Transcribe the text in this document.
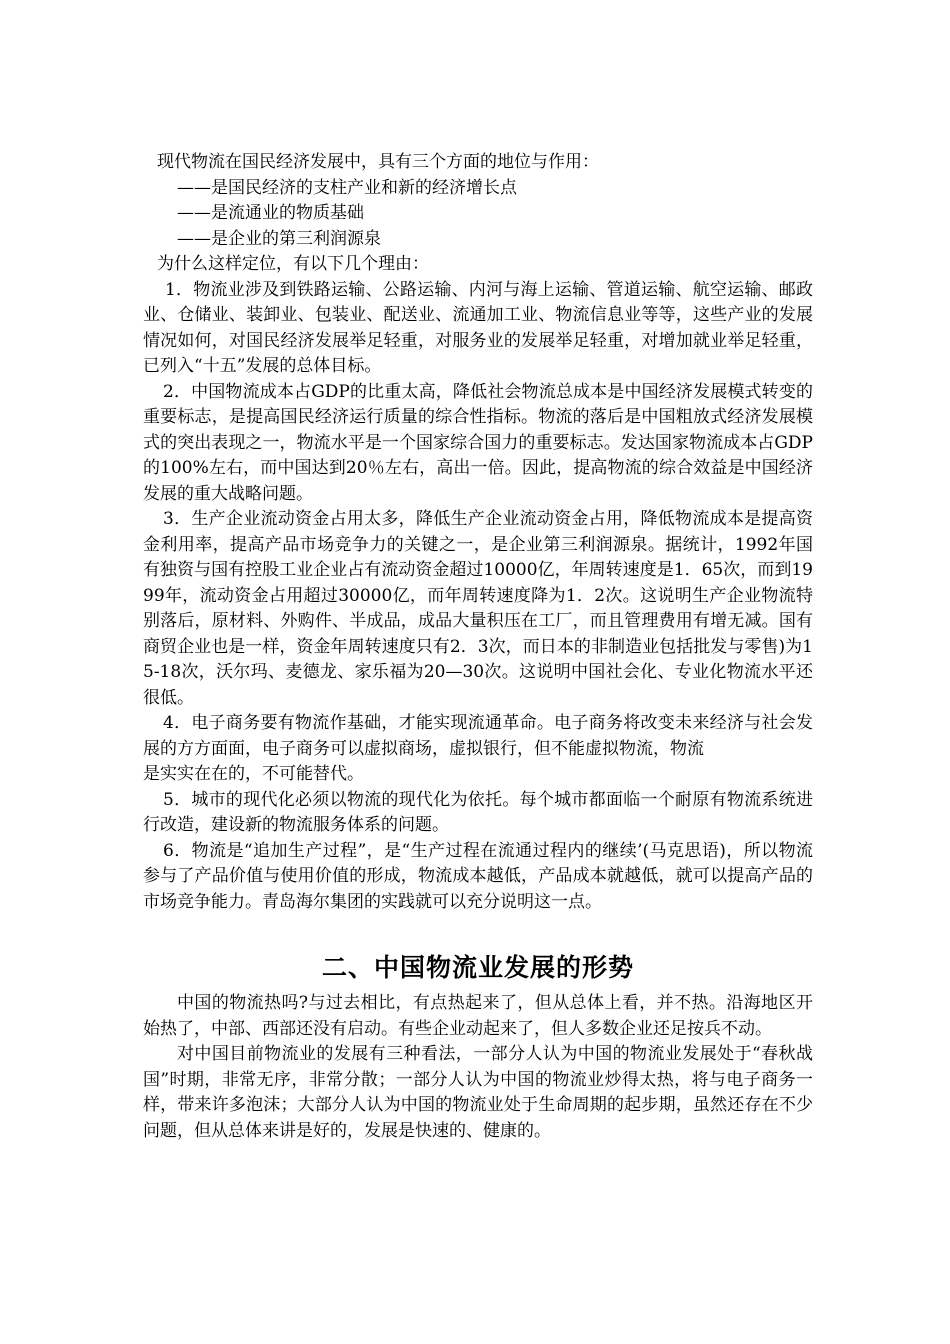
现代物流在国民经济发展中，具有三个方面的地位与作用：

——是国民经济的支柱产业和新的经济增长点

——是流通业的物质基础

——是企业的第三利润源泉

为什么这样定位，有以下几个理由：

1．物流业涉及到铁路运输、公路运输、内河与海上运输、管道运输、航空运输、邮政业、仓储业、装卸业、包装业、配送业、流通加工业、物流信息业等等，这些产业的发展情况如何，对国民经济发展举足轻重，对服务业的发展举足轻重，对增加就业举足轻重，已列入“十五”发展的总体目标。

2．中国物流成本占GDP的比重太高，降低社会物流总成本是中国经济发展模式转变的重要标志，是提高国民经济运行质量的综合性指标。物流的落后是中国粗放式经济发展模式的突出表现之一，物流水平是一个国家综合国力的重要标志。发达国家物流成本占GDP的100%左右，而中国达到20％左右，高出一倍。因此，提高物流的综合效益是中国经济发展的重大战略问题。

3．生产企业流动资金占用太多，降低生产企业流动资金占用，降低物流成本是提高资金利用率，提高产品市场竞争力的关键之一，是企业第三利润源泉。据统计，1992年国有独资与国有控股工业企业占有流动资金超过10000亿，年周转速度是1．65次，而到1999年，流动资金占用超过30000亿，而年周转速度降为1．2次。这说明生产企业物流特别落后，原材料、外购件、半成品，成品大量积压在工厂，而且管理费用有增无减。国有商贸企业也是一样，资金年周转速度只有2．3次，而日本的非制造业包括批发与零售)为15-18次，沃尔玛、麦德龙、家乐福为20—30次。这说明中国社会化、专业化物流水平还很低。

4．电子商务要有物流作基础，才能实现流通革命。电子商务将改变未来经济与社会发展的方方面面，电子商务可以虚拟商场，虚拟银行，但不能虚拟物流，物流

是实实在在的，不可能替代。

5．城市的现代化必须以物流的现代化为依托。每个城市都面临一个耐原有物流系统进行改造，建设新的物流服务体系的问题。

6．物流是“追加生产过程”，是“生产过程在流通过程内的继续’(马克思语)，所以物流参与了产品价值与使用价值的形成，物流成本越低，产品成本就越低，就可以提高产品的市场竞争能力。青岛海尔集团的实践就可以充分说明这一点。

二、中国物流业发展的形势

中国的物流热吗?与过去相比，有点热起来了，但从总体上看，并不热。沿海地区开始热了，中部、西部还没有启动。有些企业动起来了，但人多数企业还足按兵不动。

对中国目前物流业的发展有三种看法，一部分人认为中国的物流业发展处于“春秋战国”时期，非常无序，非常分散；一部分人认为中国的物流业炒得太热，将与电子商务一样，带来许多泡沫；大部分人认为中国的物流业处于生命周期的起步期，虽然还存在不少问题，但从总体来讲是好的，发展是快速的、健康的。
